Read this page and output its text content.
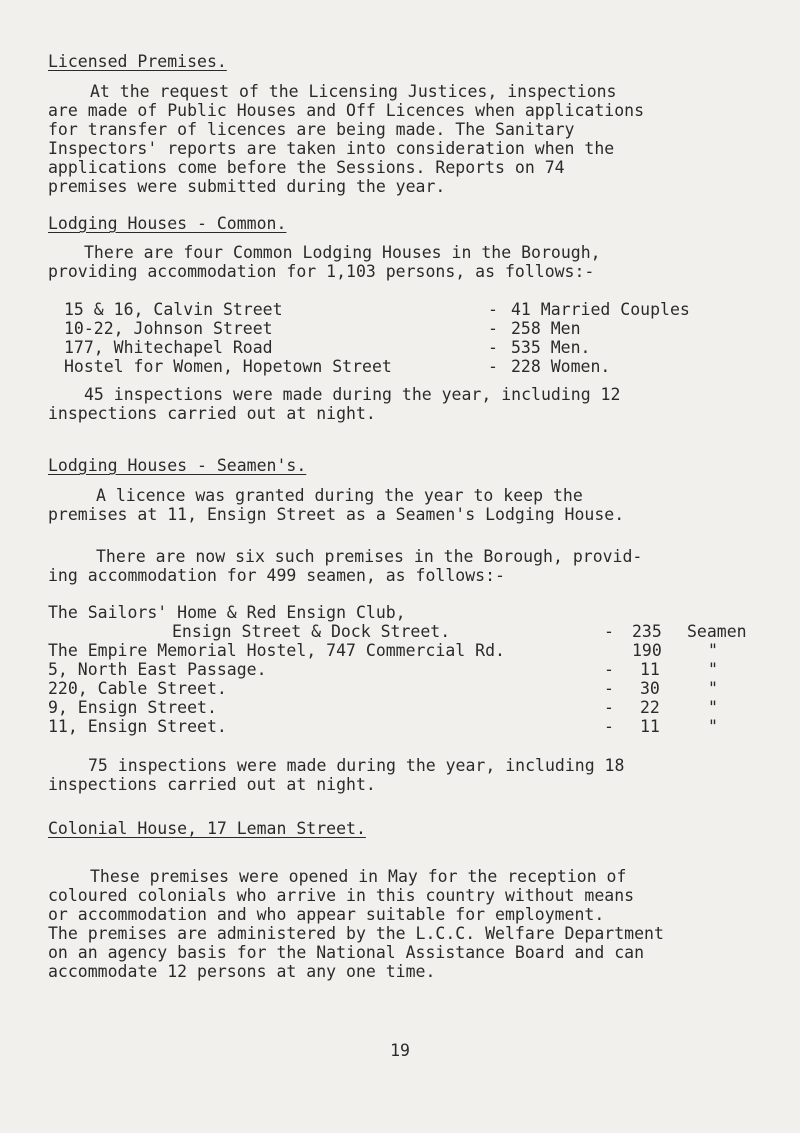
Licensed Premises.
At the request of the Licensing Justices, inspections
are made of Public Houses and Off Licences when applications
for transfer of licences are being made. The Sanitary
Inspectors' reports are taken into consideration when the
applications come before the Sessions. Reports on 74
premises were submitted during the year.
Lodging Houses - Common.
There are four Common Lodging Houses in the Borough,
providing accommodation for 1,103 persons, as follows:-
15 & 16, Calvin Street	- 41 Married Couples
10-22, Johnson Street	- 258 Men
177, Whitechapel Road	- 535 Men.
Hostel for Women, Hopetown Street	- 228 Women.
45 inspections were made during the year, including 12
inspections carried out at night.
Lodging Houses - Seamen's.
A licence was granted during the year to keep the
premises at 11, Ensign Street as a Seamen's Lodging House.
There are now six such premises in the Borough, provid-
ing accommodation for 499 seamen, as follows:-
The Sailors' Home & Red Ensign Club,
Ensign Street & Dock Street.	- 235 Seamen
The Empire Memorial Hostel, 747 Commercial Rd.	190	"
5, North East Passage.	- 11	"
220, Cable Street.	- 30	"
9, Ensign Street.	- 22	"
11, Ensign Street.	- 11	"
75 inspections were made during the year, including 18
inspections carried out at night.
Colonial House, 17 Leman Street.

These premises were opened in May for the reception of
coloured colonials who arrive in this country without means
or accommodation and who appear suitable for employment.
The premises are administered by the L.C.C. Welfare Department
on an agency basis for the National Assistance Board and can
accommodate 12 persons at any one time.

19
